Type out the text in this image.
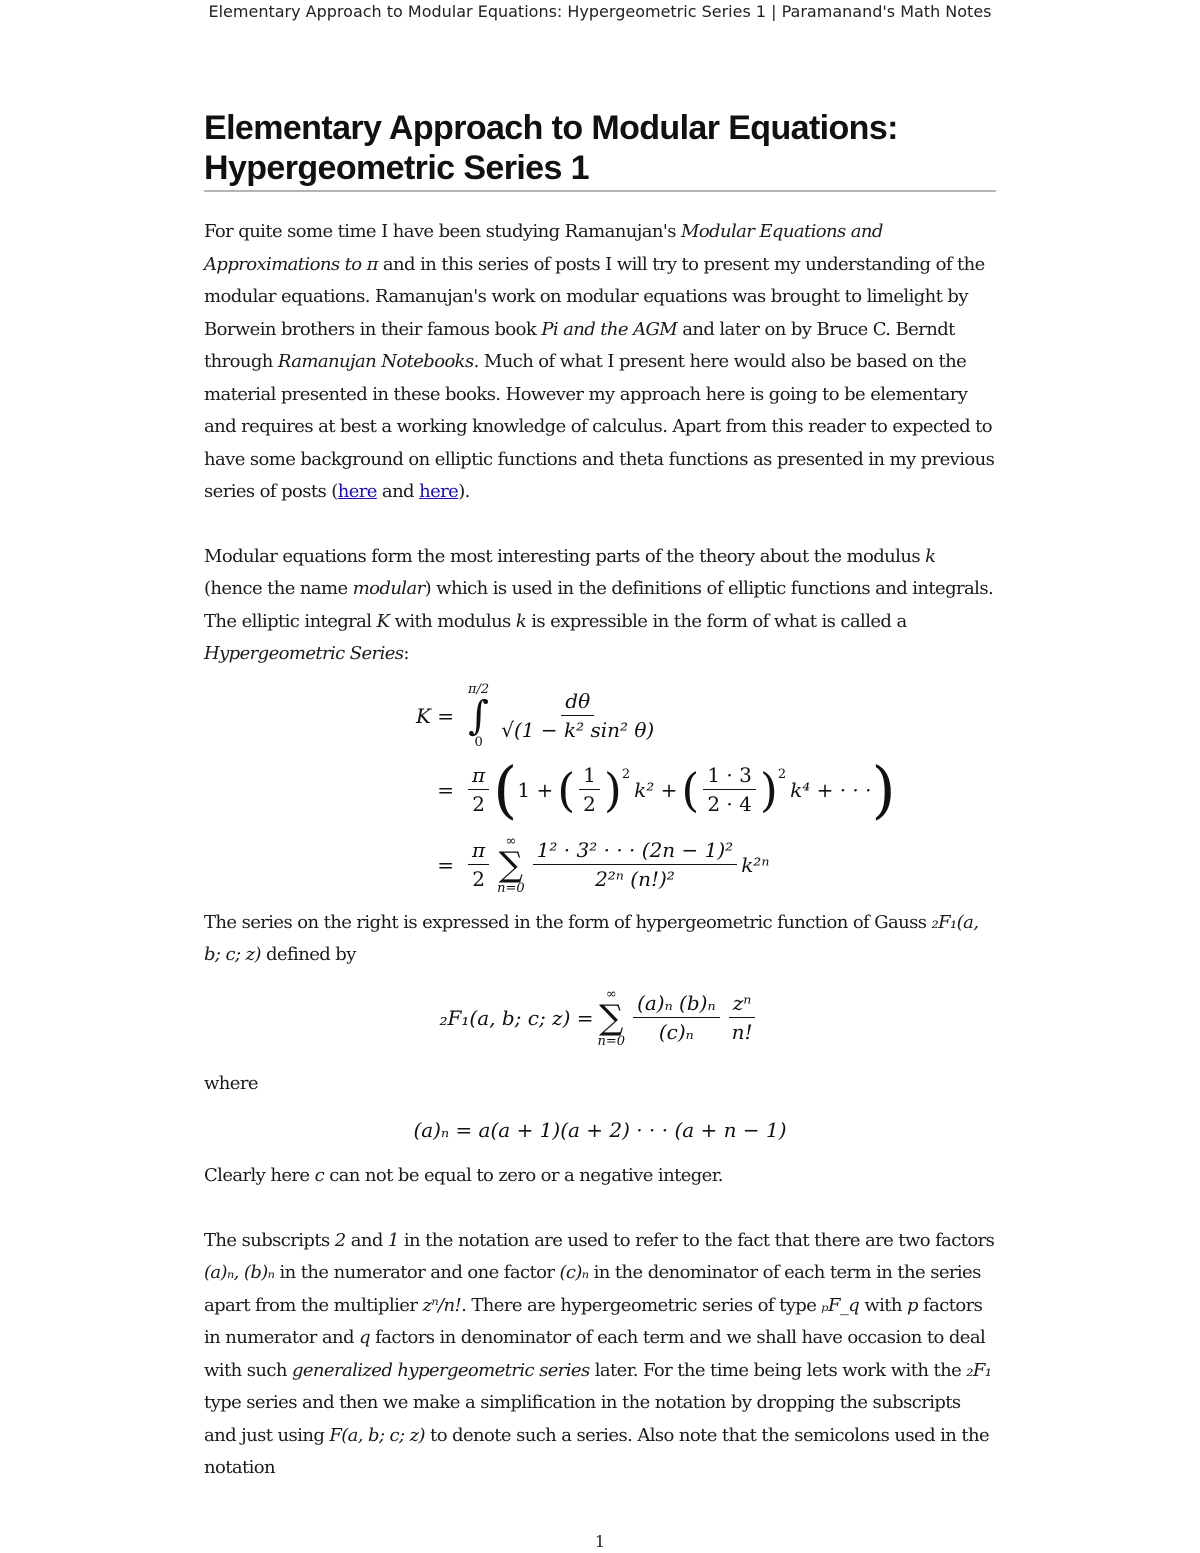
Elementary Approach to Modular Equations: Hypergeometric Series 1 | Paramanand's Math Notes
Elementary Approach to Modular Equations:
Hypergeometric Series 1

For quite some time I have been studying Ramanujan's Modular Equations and Approximations to π and in this series of posts I will try to present my understanding of the modular equations. Ramanujan's work on modular equations was brought to limelight by Borwein brothers in their famous book Pi and the AGM and later on by Bruce C. Berndt through Ramanujan Notebooks. Much of what I present here would also be based on the material presented in these books. However my approach here is going to be elementary and requires at best a working knowledge of calculus. Apart from this reader to expected to have some background on elliptic functions and theta functions as presented in my previous series of posts (here and here).

Modular equations form the most interesting parts of the theory about the modulus k (hence the name modular) which is used in the definitions of elliptic functions and integrals. The elliptic integral K with modulus k is expressible in the form of what is called a Hypergeometric Series:

K =
π/2
∫
$0 \frac{d\theta}{\text{√(1 − k² sin² θ)}}$
= $\frac{\pi}{2}$ ( 1 + ( $\frac{1}{2} )^2$
k² + ( $\frac{1 \cdot 3}{2 \cdot 4} )^2$
k⁴ + · · · )
= $\frac{\pi}{2}$ ∞
∑
$n=0 \frac{\text{1² · 3² · · · (2n − 1)²}}{\text{2²ⁿ (n!)²}} k^{2n}$

The series on the right is expressed in the form of hypergeometric function of Gauss ₂F₁(a, b; c; z) defined by

₂F₁(a, b; c; z) =
∞
∑
$n=0 \frac{\text{(a)ₙ (b)ₙ}}{\text{(c)ₙ}} \frac{\text{zⁿ}}{n!}$

where

(a)ₙ = a(a + 1)(a + 2) · · · (a + n − 1)

Clearly here c can not be equal to zero or a negative integer.

The subscripts 2 and 1 in the notation are used to refer to the fact that there are two factors (a)ₙ, (b)ₙ in the numerator and one factor (c)ₙ in the denominator of each term in the series apart from the multiplier zⁿ/n!. There are hypergeometric series of type ₚF_q with p factors in numerator and q factors in denominator of each term and we shall have occasion to deal with such generalized hypergeometric series later. For the time being lets work with the ₂F₁ type series and then we make a simplification in the notation by dropping the subscripts and just using F(a, b; c; z) to denote such a series. Also note that the semicolons used in the notation

1
